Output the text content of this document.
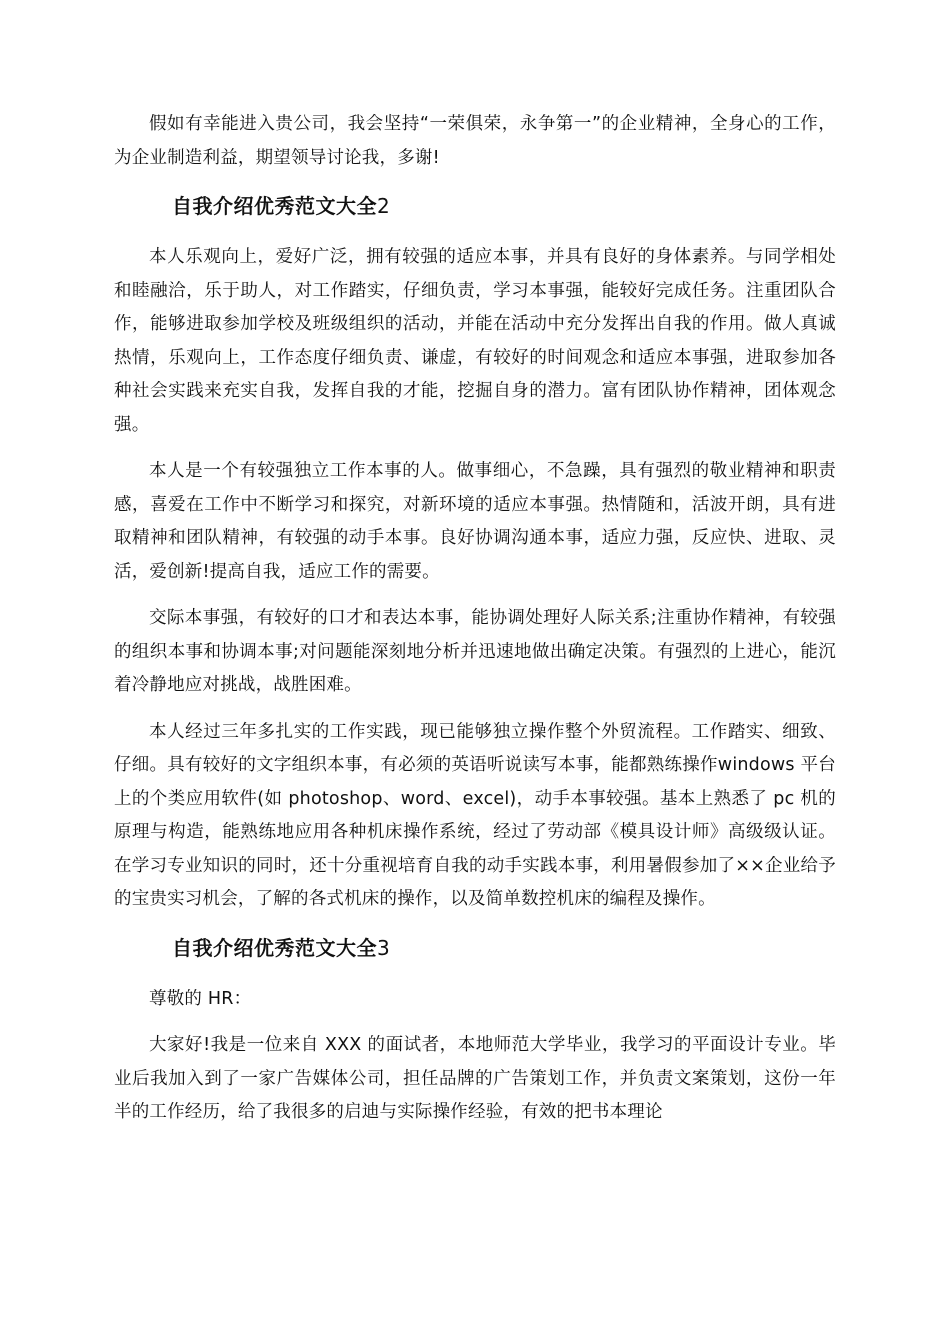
假如有幸能进入贵公司，我会坚持“一荣俱荣，永争第一”的企业精神，全身心的工作，为企业制造利益，期望领导讨论我，多谢!

自我介绍优秀范文大全2

本人乐观向上，爱好广泛，拥有较强的适应本事，并具有良好的身体素养。与同学相处和睦融洽，乐于助人，对工作踏实，仔细负责，学习本事强，能较好完成任务。注重团队合作，能够进取参加学校及班级组织的活动，并能在活动中充分发挥出自我的作用。做人真诚热情，乐观向上，工作态度仔细负责、谦虚，有较好的时间观念和适应本事强，进取参加各种社会实践来充实自我，发挥自我的才能，挖掘自身的潜力。富有团队协作精神，团体观念强。

本人是一个有较强独立工作本事的人。做事细心，不急躁，具有强烈的敬业精神和职责感，喜爱在工作中不断学习和探究，对新环境的适应本事强。热情随和，活波开朗，具有进取精神和团队精神，有较强的动手本事。良好协调沟通本事，适应力强，反应快、进取、灵活，爱创新!提高自我，适应工作的需要。

交际本事强，有较好的口才和表达本事，能协调处理好人际关系;注重协作精神，有较强的组织本事和协调本事;对问题能深刻地分析并迅速地做出确定决策。有强烈的上进心，能沉着冷静地应对挑战，战胜困难。

本人经过三年多扎实的工作实践，现已能够独立操作整个外贸流程。工作踏实、细致、仔细。具有较好的文字组织本事，有必须的英语听说读写本事，能都熟练操作windows 平台上的个类应用软件(如 photoshop、word、excel)，动手本事较强。基本上熟悉了 pc 机的原理与构造，能熟练地应用各种机床操作系统，经过了劳动部《模具设计师》高级级认证。在学习专业知识的同时，还十分重视培育自我的动手实践本事，利用暑假参加了××企业给予的宝贵实习机会，了解的各式机床的操作，以及简单数控机床的编程及操作。

自我介绍优秀范文大全3

尊敬的 HR：

大家好!我是一位来自 XXX 的面试者，本地师范大学毕业，我学习的平面设计专业。毕业后我加入到了一家广告媒体公司，担任品牌的广告策划工作，并负责文案策划，这份一年半的工作经历，给了我很多的启迪与实际操作经验，有效的把书本理论
